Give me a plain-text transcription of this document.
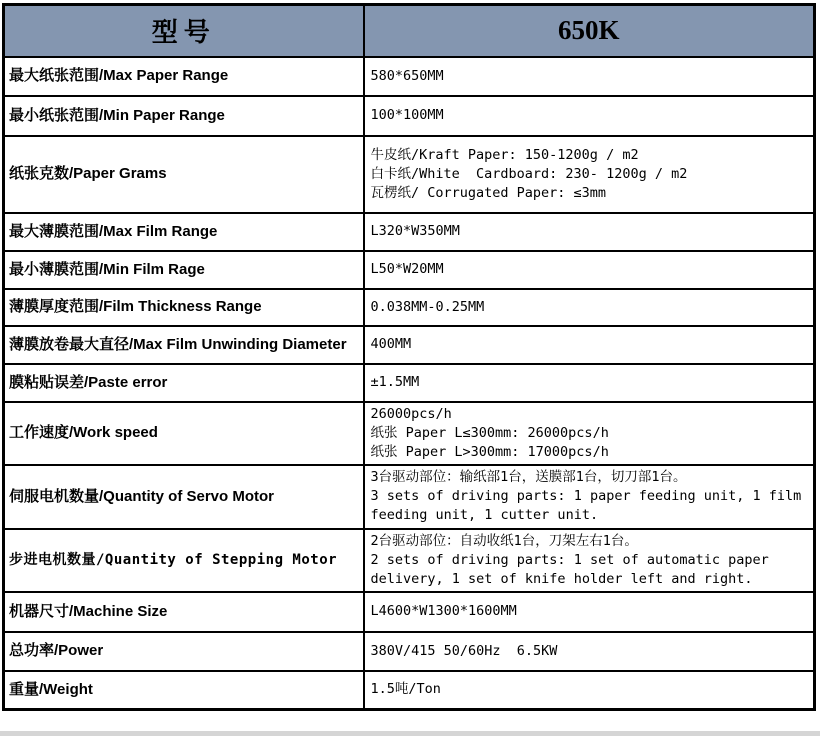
型号	650K
最大纸张范围/Max Paper Range	580*650MM

最小纸张范围/Min Paper Range	100*100MM

纸张克数/Paper Grams	牛皮纸/Kraft Paper: 150-1200g / m2
白卡纸/White  Cardboard: 230- 1200g / m2
瓦楞纸/ Corrugated Paper: ≤3mm

最大薄膜范围/Max Film Range	L320*W350MM

最小薄膜范围/Min Film Rage	L50*W20MM

薄膜厚度范围/Film Thickness Range	0.038MM-0.25MM

薄膜放卷最大直径/Max Film Unwinding Diameter	400MM

膜粘贴误差/Paste error	±1.5MM

工作速度/Work speed	26000pcs/h
纸张 Paper L≤300mm: 26000pcs/h
纸张 Paper L>300mm: 17000pcs/h

伺服电机数量/Quantity of Servo Motor	3台驱动部位：输纸部1台，送膜部1台，切刀部1台。
3 sets of driving parts: 1 paper feeding unit, 1 film feeding unit, 1 cutter unit.

步进电机数量/Quantity of Stepping Motor	2台驱动部位：自动收纸1台，刀架左右1台。
2 sets of driving parts: 1 set of automatic paper delivery, 1 set of knife holder left and right.

机器尺寸/Machine Size	L4600*W1300*1600MM

总功率/Power	380V/415 50/60Hz  6.5KW

重量/Weight	1.5吨/Ton
